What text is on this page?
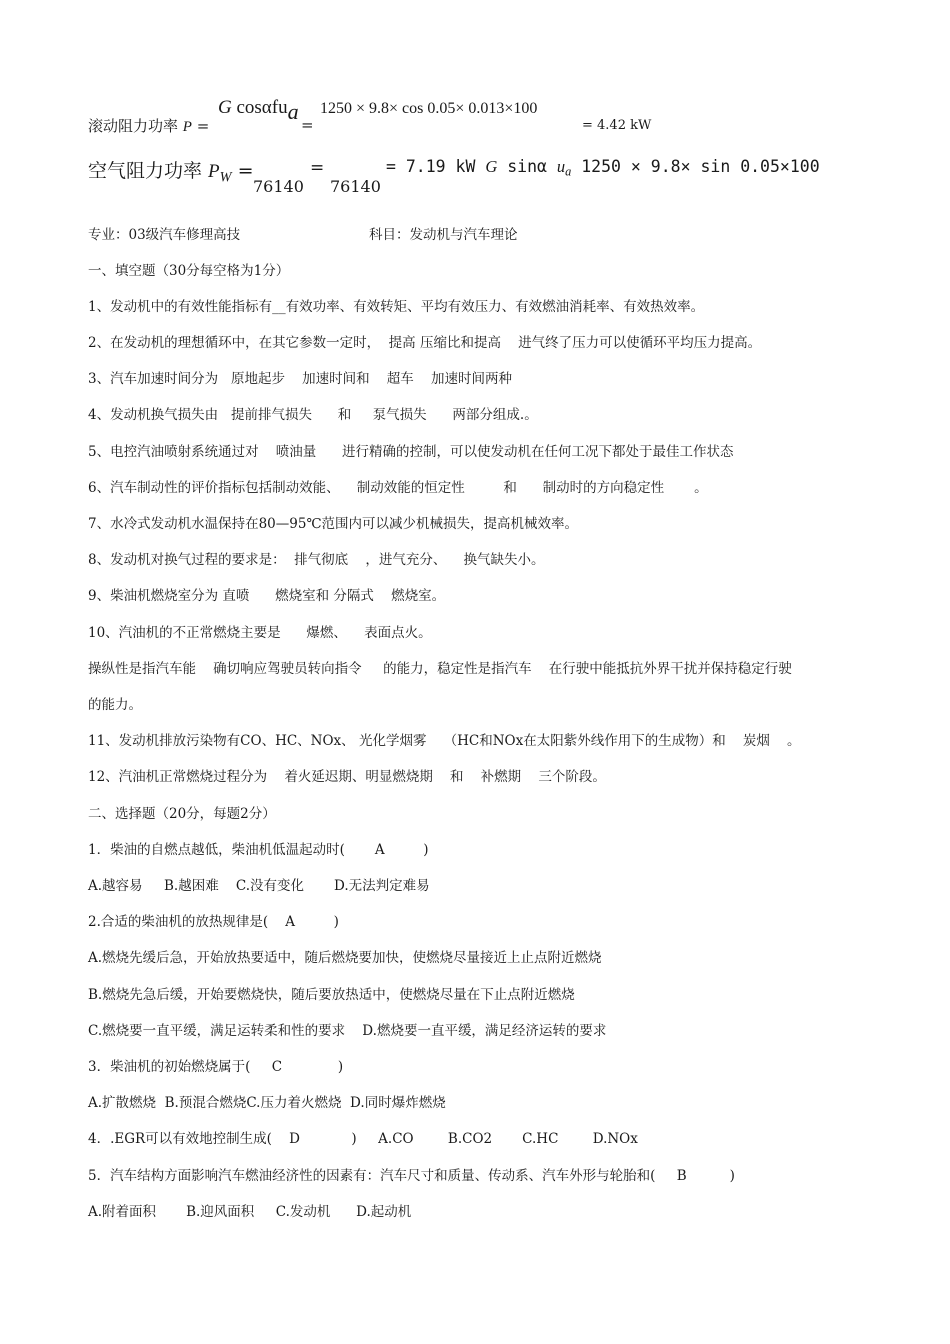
滚动阻力功率 P =
G cosαfua
=
1250 × 9.8× cos 0.05× 0.013×100
= 4.42 kW
空气阻力功率 $P_W$ =	=
76140 76140
= 7.19 kW G sinα $u_a$ 1250 × 9.8× sin 0.05×100
专业：03级汽车修理高技	科目：发动机与汽车理论
一、填空题（30分每空格为1分）
1、发动机中的有效性能指标有__有效功率、有效转矩、平均有效压力、有效燃油消耗率、有效热效率。
2、在发动机的理想循环中，在其它参数一定时，  提高 压缩比和提高    进气终了压力可以使循环平均压力提高。
3、汽车加速时间分为   原地起步    加速时间和    超车    加速时间两种
4、发动机换气损失由   提前排气损失      和     泵气损失      两部分组成.。
5、电控汽油喷射系统通过对    喷油量      进行精确的控制，可以使发动机在任何工况下都处于最佳工作状态
6、汽车制动性的评价指标包括制动效能、    制动效能的恒定性         和      制动时的方向稳定性       。
7、水冷式发动机水温保持在80—95℃范围内可以减少机械损失，提高机械效率。
8、发动机对换气过程的要求是：  排气彻底    ，进气充分、    换气缺失小。
9、柴油机燃烧室分为 直喷      燃烧室和 分隔式    燃烧室。
10、汽油机的不正常燃烧主要是      爆燃、    表面点火。
操纵性是指汽车能    确切响应驾驶员转向指令     的能力，稳定性是指汽车    在行驶中能抵抗外界干扰并保持稳定行驶
的能力。
11、发动机排放污染物有CO、HC、NOx、 光化学烟雾    （HC和NOx在太阳紫外线作用下的生成物）和    炭烟    。
12、汽油机正常燃烧过程分为    着火延迟期、明显燃烧期    和    补燃期    三个阶段。
二、选择题（20分，每题2分）
1．柴油的自燃点越低，柴油机低温起动时(       A         )
A.越容易     B.越困难    C.没有变化       D.无法判定难易
2.合适的柴油机的放热规律是(    A         )
A.燃烧先缓后急，开始放热要适中，随后燃烧要加快，使燃烧尽量接近上止点附近燃烧
B.燃烧先急后缓，开始要燃烧快，随后要放热适中，使燃烧尽量在下止点附近燃烧
C.燃烧要一直平缓，满足运转柔和性的要求    D.燃烧要一直平缓，满足经济运转的要求
3．柴油机的初始燃烧属于(     C             )
A.扩散燃烧  B.预混合燃烧C.压力着火燃烧  D.同时爆炸燃烧
4．.EGR可以有效地控制生成(    D            )     A.CO        B.CO2       C.HC        D.NOx
5．汽车结构方面影响汽车燃油经济性的因素有：汽车尺寸和质量、传动系、汽车外形与轮胎和(     B          )
A.附着面积       B.迎风面积     C.发动机      D.起动机
